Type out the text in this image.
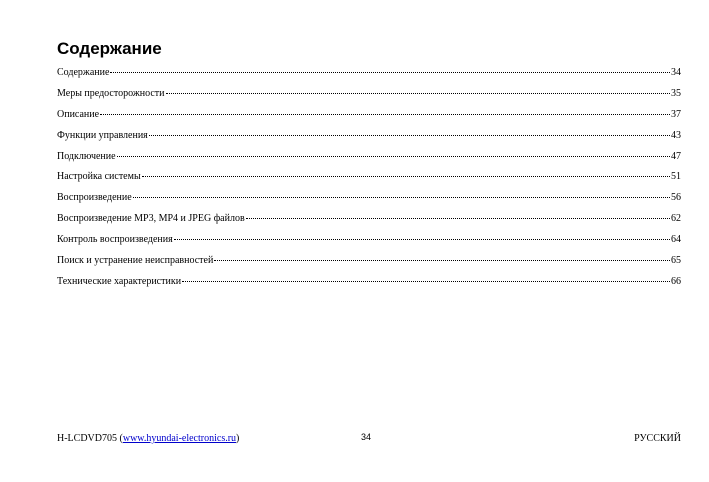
Содержание
Содержание	34
Меры предосторожности	35
Описание	37
Функции управления	43
Подключение	47
Настройка системы	51
Воспроизведение	56
Воспроизведение MP3, MP4 и JPEG файлов	62
Контроль воспроизведения	64
Поиск и устранение неисправностей	65
Технические характеристики	66
H-LCDVD705 (www.hyundai-electronics.ru)	34	РУССКИЙ
